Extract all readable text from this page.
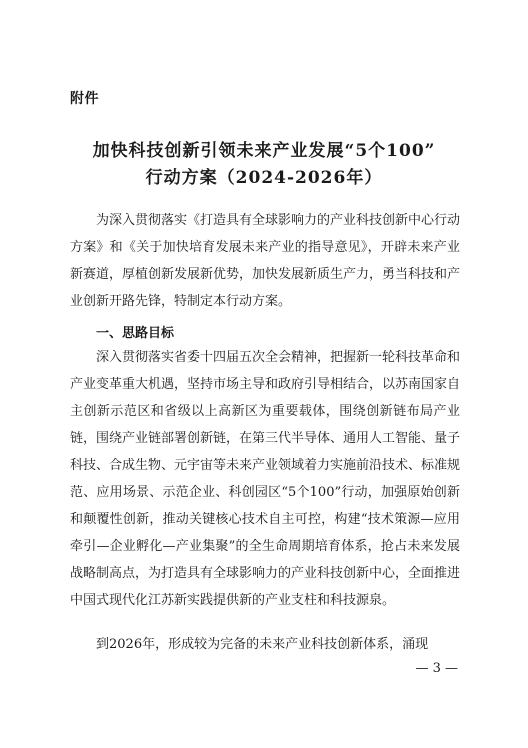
附件
加快科技创新引领未来产业发展“5个100”
行动方案（2024-2026年）
为深入贯彻落实《打造具有全球影响力的产业科技创新中心行动方案》和《关于加快培育发展未来产业的指导意见》，开辟未来产业新赛道，厚植创新发展新优势，加快发展新质生产力，勇当科技和产业创新开路先锋，特制定本行动方案。
一、思路目标
深入贯彻落实省委十四届五次全会精神，把握新一轮科技革命和产业变革重大机遇，坚持市场主导和政府引导相结合，以苏南国家自主创新示范区和省级以上高新区为重要载体，围绕创新链布局产业链，围绕产业链部署创新链，在第三代半导体、通用人工智能、量子科技、合成生物、元宇宙等未来产业领域着力实施前沿技术、标准规范、应用场景、示范企业、科创园区“5个100”行动，加强原始创新和颠覆性创新，推动关键核心技术自主可控，构建“技术策源—应用牵引—企业孵化—产业集聚”的全生命周期培育体系，抢占未来发展战略制高点，为打造具有全球影响力的产业科技创新中心，全面推进中国式现代化江苏新实践提供新的产业支柱和科技源泉。
到2026年，形成较为完备的未来产业科技创新体系，涌现
— 3 —
